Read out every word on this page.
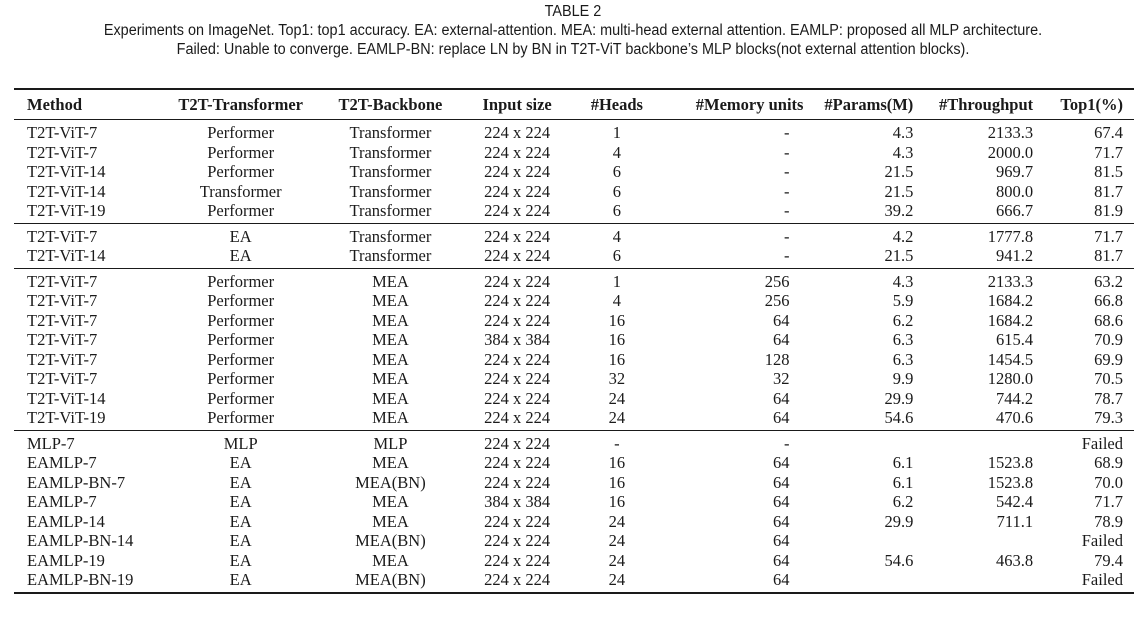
TABLE 2
Experiments on ImageNet. Top1: top1 accuracy. EA: external-attention. MEA: multi-head external attention. EAMLP: proposed all MLP architecture.
Failed: Unable to converge. EAMLP-BN: replace LN by BN in T2T-ViT backbone’s MLP blocks(not external attention blocks).
Method	T2T-Transformer	T2T-Backbone	Input size	#Heads	#Memory units	#Params(M)	#Throughput	Top1(%)
T2T-ViT-7	Performer	Transformer	224 x 224	1	-	4.3	2133.3	67.4
T2T-ViT-7	Performer	Transformer	224 x 224	4	-	4.3	2000.0	71.7
T2T-ViT-14	Performer	Transformer	224 x 224	6	-	21.5	969.7	81.5
T2T-ViT-14	Transformer	Transformer	224 x 224	6	-	21.5	800.0	81.7
T2T-ViT-19	Performer	Transformer	224 x 224	6	-	39.2	666.7	81.9
T2T-ViT-7	EA	Transformer	224 x 224	4	-	4.2	1777.8	71.7
T2T-ViT-14	EA	Transformer	224 x 224	6	-	21.5	941.2	81.7
T2T-ViT-7	Performer	MEA	224 x 224	1	256	4.3	2133.3	63.2
T2T-ViT-7	Performer	MEA	224 x 224	4	256	5.9	1684.2	66.8
T2T-ViT-7	Performer	MEA	224 x 224	16	64	6.2	1684.2	68.6
T2T-ViT-7	Performer	MEA	384 x 384	16	64	6.3	615.4	70.9
T2T-ViT-7	Performer	MEA	224 x 224	16	128	6.3	1454.5	69.9
T2T-ViT-7	Performer	MEA	224 x 224	32	32	9.9	1280.0	70.5
T2T-ViT-14	Performer	MEA	224 x 224	24	64	29.9	744.2	78.7
T2T-ViT-19	Performer	MEA	224 x 224	24	64	54.6	470.6	79.3
MLP-7	MLP	MLP	224 x 224	-	-			Failed
EAMLP-7	EA	MEA	224 x 224	16	64	6.1	1523.8	68.9
EAMLP-BN-7	EA	MEA(BN)	224 x 224	16	64	6.1	1523.8	70.0
EAMLP-7	EA	MEA	384 x 384	16	64	6.2	542.4	71.7
EAMLP-14	EA	MEA	224 x 224	24	64	29.9	711.1	78.9
EAMLP-BN-14	EA	MEA(BN)	224 x 224	24	64			Failed
EAMLP-19	EA	MEA	224 x 224	24	64	54.6	463.8	79.4
EAMLP-BN-19	EA	MEA(BN)	224 x 224	24	64			Failed
